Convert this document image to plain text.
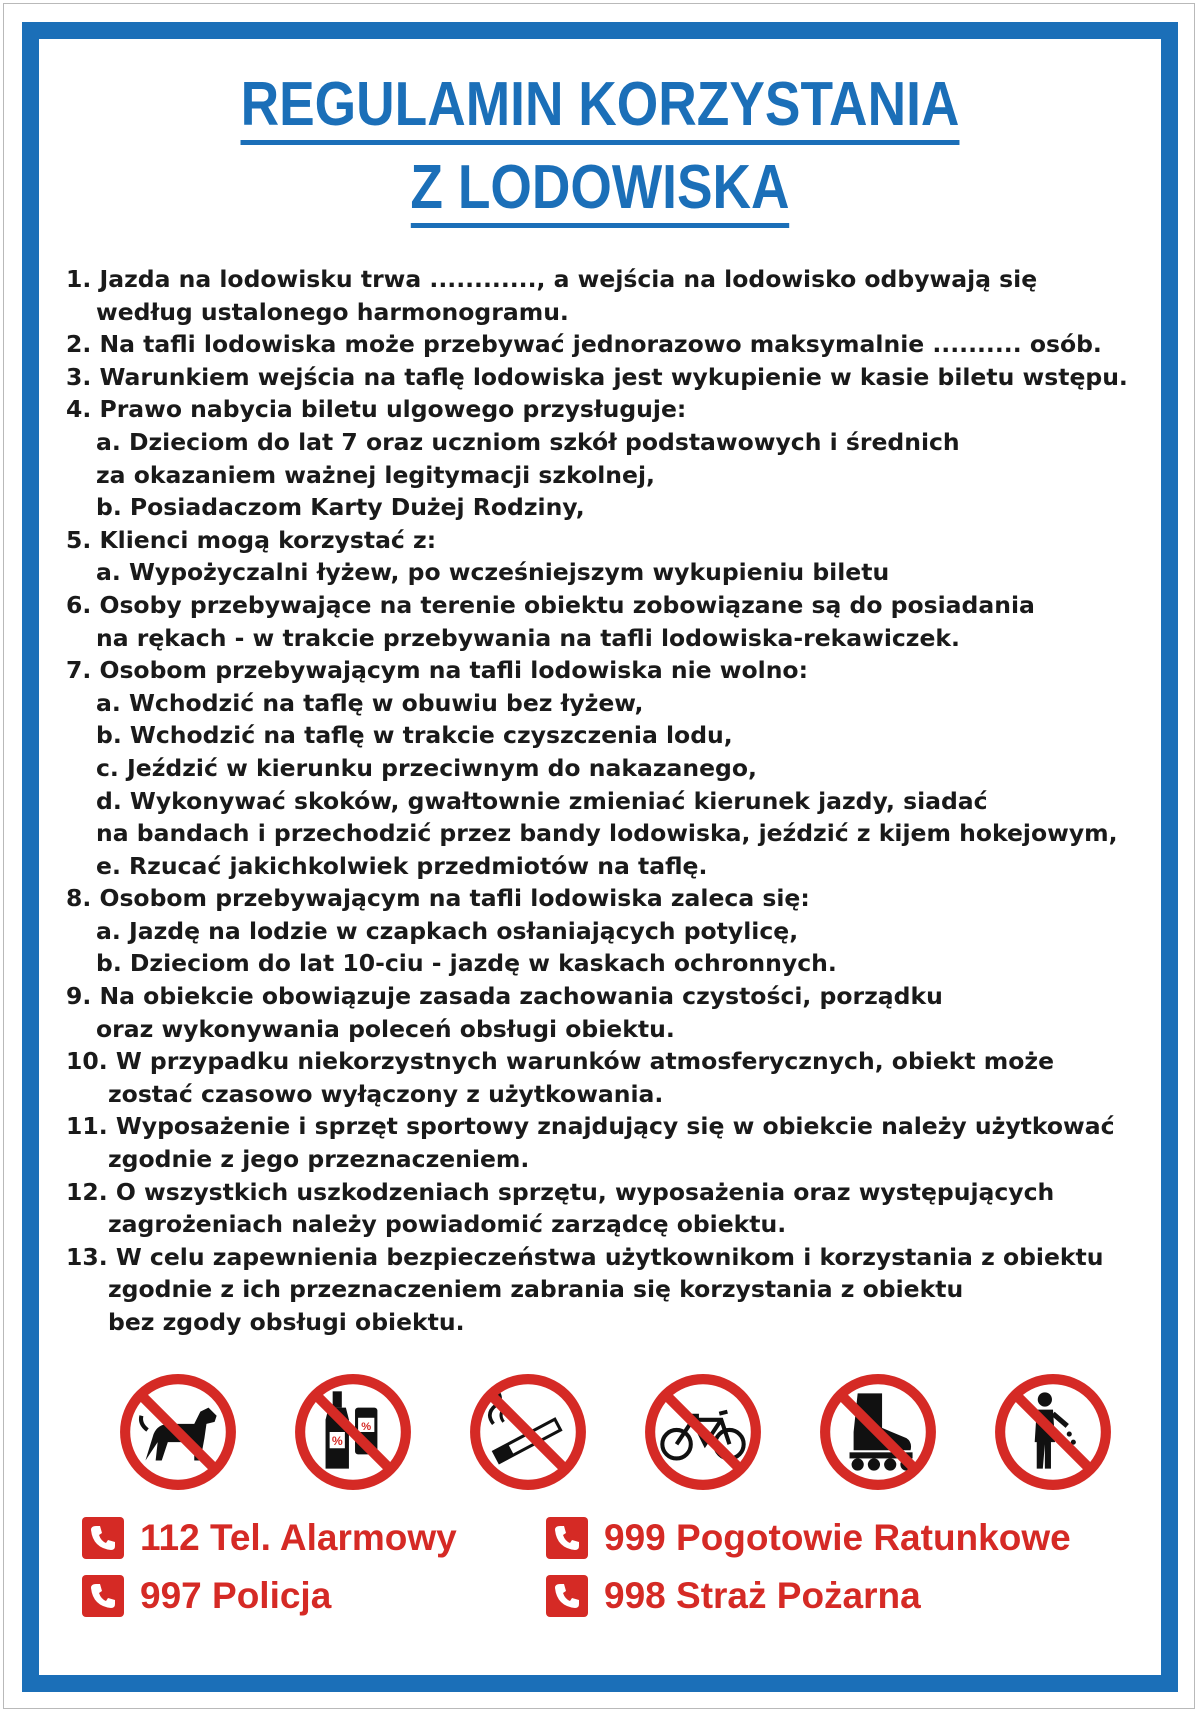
REGULAMIN KORZYSTANIA
Z LODOWISKA
1. Jazda na lodowisku trwa ............, a wejścia na lodowisko odbywają się
według ustalonego harmonogramu.
2. Na tafli lodowiska może przebywać jednorazowo maksymalnie .......... osób.
3. Warunkiem wejścia na taflę lodowiska jest wykupienie w kasie biletu wstępu.
4. Prawo nabycia biletu ulgowego przysługuje:
a. Dzieciom do lat 7 oraz uczniom szkół podstawowych i średnich
za okazaniem ważnej legitymacji szkolnej,
b. Posiadaczom Karty Dużej Rodziny,
5. Klienci mogą korzystać z:
a. Wypożyczalni łyżew, po wcześniejszym wykupieniu biletu
6. Osoby przebywające na terenie obiektu zobowiązane są do posiadania
na rękach - w trakcie przebywania na tafli lodowiska-rekawiczek.
7. Osobom przebywającym na tafli lodowiska nie wolno:
a. Wchodzić na taflę w obuwiu bez łyżew,
b. Wchodzić na taflę w trakcie czyszczenia lodu,
c. Jeździć w kierunku przeciwnym do nakazanego,
d. Wykonywać skoków, gwałtownie zmieniać kierunek jazdy, siadać
na bandach i przechodzić przez bandy lodowiska, jeździć z kijem hokejowym,
e. Rzucać jakichkolwiek przedmiotów na taflę.
8. Osobom przebywającym na tafli lodowiska zaleca się:
a. Jazdę na lodzie w czapkach osłaniających potylicę,
b. Dzieciom do lat 10-ciu - jazdę w kaskach ochronnych.
9. Na obiekcie obowiązuje zasada zachowania czystości, porządku
oraz wykonywania poleceń obsługi obiektu.
10. W przypadku niekorzystnych warunków atmosferycznych, obiekt może
zostać czasowo wyłączony z użytkowania.
11. Wyposażenie i sprzęt sportowy znajdujący się w obiekcie należy użytkować
zgodnie z jego przeznaczeniem.
12. O wszystkich uszkodzeniach sprzętu, wyposażenia oraz występujących
zagrożeniach należy powiadomić zarządcę obiektu.
13. W celu zapewnienia bezpieczeństwa użytkownikom i korzystania z obiektu
zgodnie z ich przeznaczeniem zabrania się korzystania z obiektu
bez zgody obsługi obiektu.
%
%
112 Tel. Alarmowy	999 Pogotowie Ratunkowe
997 Policja	998 Straż Pożarna
